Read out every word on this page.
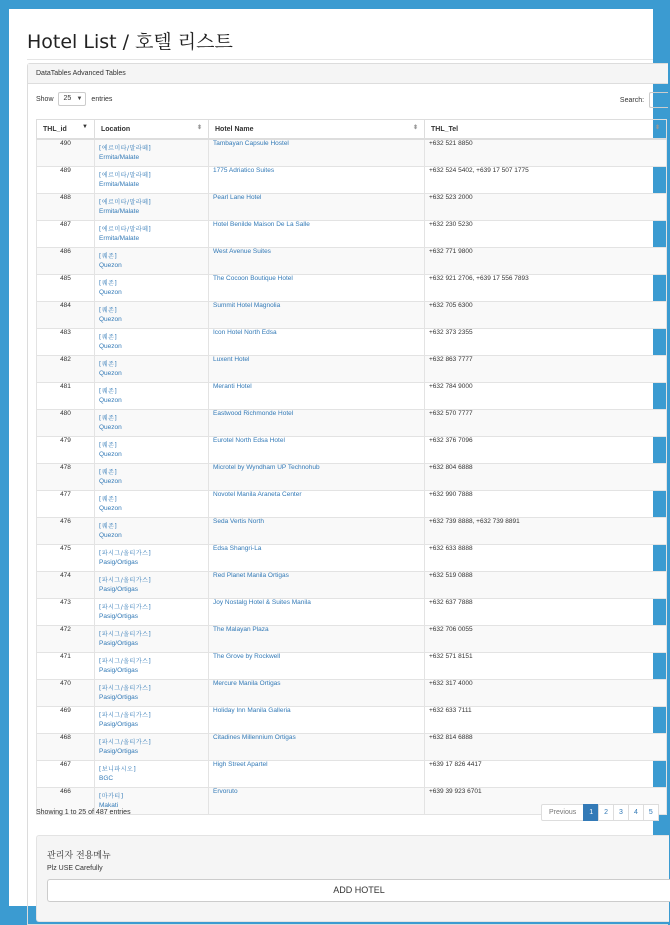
Hotel List / 호텔 리스트
DataTables Advanced Tables
Show 25 ▼ entries	Search:
THL_id ▼	Location ⬍	Hotel Name ⬍	THL_Tel ⬍

490	[에르미타/말라떼]
Ermita/Malate	Tambayan Capsule Hostel	+632 521 8850
489	[에르미타/말라떼]
Ermita/Malate	1775 Adriatico Suites	+632 524 5402, +639 17 507 1775
488	[에르미타/말라떼]
Ermita/Malate	Pearl Lane Hotel	+632 523 2000
487	[에르미타/말라떼]
Ermita/Malate	Hotel Benilde Maison De La Salle	+632 230 5230
486	[퀘존]
Quezon	West Avenue Suites	+632 771 9800
485	[퀘존]
Quezon	The Cocoon Boutique Hotel	+632 921 2706, +639 17 556 7893
484	[퀘존]
Quezon	Summit Hotel Magnolia	+632 705 6300
483	[퀘존]
Quezon	Icon Hotel North Edsa	+632 373 2355
482	[퀘존]
Quezon	Luxent Hotel	+632 863 7777
481	[퀘존]
Quezon	Meranti Hotel	+632 784 9000
480	[퀘존]
Quezon	Eastwood Richmonde Hotel	+632 570 7777
479	[퀘존]
Quezon	Eurotel North Edsa Hotel	+632 376 7096
478	[퀘존]
Quezon	Microtel by Wyndham UP Technohub	+632 804 6888
477	[퀘존]
Quezon	Novotel Manila Araneta Center	+632 990 7888
476	[퀘존]
Quezon	Seda Vertis North	+632 739 8888, +632 739 8891
475	[파시그/올티가스]
Pasig/Ortigas	Edsa Shangri-La	+632 633 8888
474	[파시그/올티가스]
Pasig/Ortigas	Red Planet Manila Ortigas	+632 519 0888
473	[파시그/올티가스]
Pasig/Ortigas	Joy Nostalg Hotel & Suites Manila	+632 637 7888
472	[파시그/올티가스]
Pasig/Ortigas	The Malayan Plaza	+632 706 0055
471	[파시그/올티가스]
Pasig/Ortigas	The Grove by Rockwell	+632 571 8151
470	[파시그/올티가스]
Pasig/Ortigas	Mercure Manila Ortigas	+632 317 4000
469	[파시그/올티가스]
Pasig/Ortigas	Holiday Inn Manila Galleria	+632 633 7111
468	[파시그/올티가스]
Pasig/Ortigas	Citadines Millennium Ortigas	+632 814 6888
467	[보니파시오]
BGC	High Street Apartel	+639 17 826 4417
466	[마카티]
Makati	Ervoruto	+639 39 923 6701
Showing 1 to 25 of 487 entries	Previous	1	2	3	4	5
관리자 전용메뉴
Plz USE Carefully
ADD HOTEL
